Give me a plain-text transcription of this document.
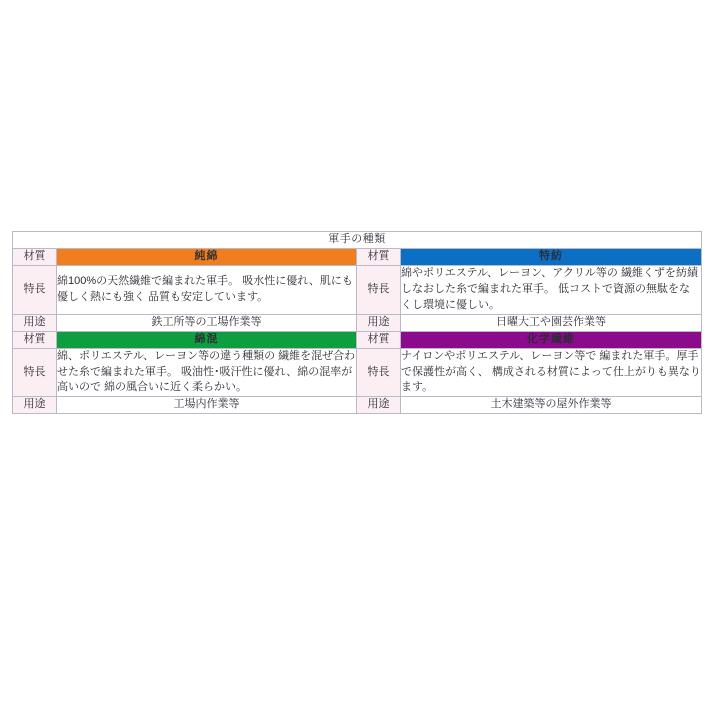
軍手の種類			
材質	純綿	材質	特紡
特長	綿100%の天然繊維で編まれた軍手。 吸水性に優れ、肌にも優しく熱にも強く 品質も安定しています。	特長	綿やポリエステル、レーヨン、アクリル等の 繊維くずを紡績しなおした糸で編まれた軍手。 低コストで資源の無駄をなくし環境に優しい。
用途	鉄工所等の工場作業等	用途	日曜大工や園芸作業等
材質	綿混	材質	化学繊維
特長	綿、ポリエステル、レーヨン等の違う種類の 繊維を混ぜ合わせた糸で編まれた軍手。 吸油性･吸汗性に優れ、綿の混率が高いので 綿の風合いに近く柔らかい。	特長	ナイロンやポリエステル、レーヨン等で 編まれた軍手。厚手で保護性が高く、 構成される材質によって仕上がりも異なります。
用途	工場内作業等	用途	土木建築等の屋外作業等
